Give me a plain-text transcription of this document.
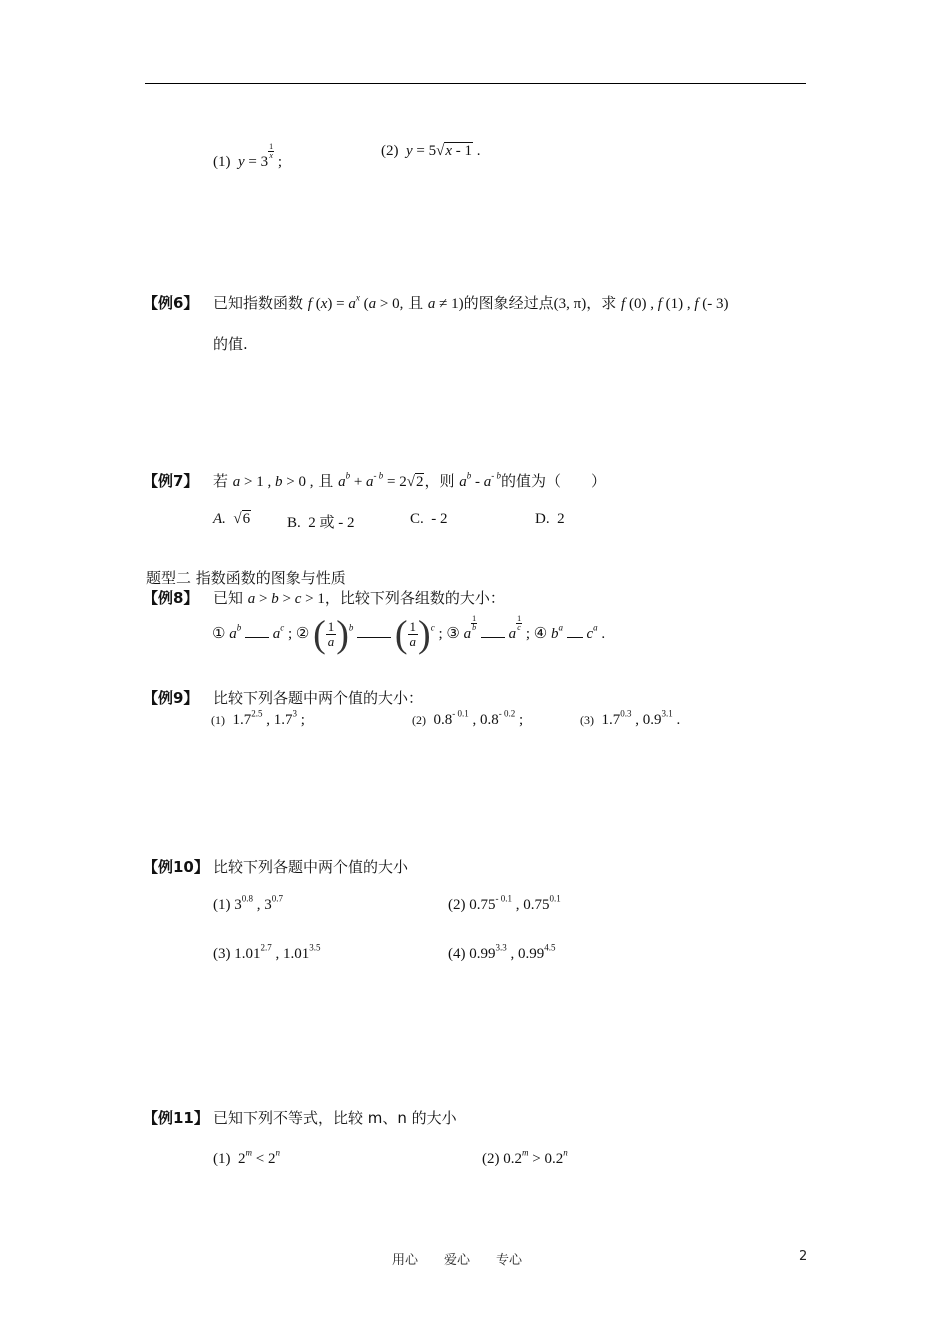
(1) y = 3
$\frac{1}{x}$ ;
(2) y = 5√x - 1 .
【例6】 已知指数函数 f $(x) = a^x$ (a > 0, 且 a ≠ 1)的图象经过点(3, π)，求 f (0) , f (1) , f (- 3)
的值.
【例7】 若 a > 1 , b > 0 , 且 $a^b + a^{- b} = 2√2$，则 $a^b - a^{- b}$的值为（　　）
A.  √6 B. 2 或 - 2	C. - 2	D. 2
题型二 指数函数的图象与性质
【例8】 已知 a > b > c > 1，比较下列各组数的大小：
① $a^b$ $a^c$ ; ② ( $\frac{1}{a} )^b$ ( $\frac{1}{a} )^c$ ; ③ a
$\frac{1}{b}$  a
$\frac{1}{c}$ ; ④ $b^a$ $c^a$ .
【例9】 比较下列各题中两个值的大小：
(1)  $1.7^{2.5}$ , $1.7^3$ ;	(2)  $0.8^{- 0.1}$ , $0.8^{- 0.2}$ ;	(3)  $1.7^{0.3}$ , $0.9^{3.1}$ .
【例10】 比较下列各题中两个值的大小
(1) $3^{0.8}$ , $3^{0.7}$	(2) $0.75^{- 0.1}$ , $0.75^{0.1}$
(3) $1.01^{2.7}$ , $1.01^{3.5}$	(4) $0.99^{3.3}$ , $0.99^{4.5}$
【例11】 已知下列不等式，比较 m、n 的大小
(1)  $2^m < 2^n$	(2) $0.2^m > 0.2^n$
用心　　爱心　　专心	2
